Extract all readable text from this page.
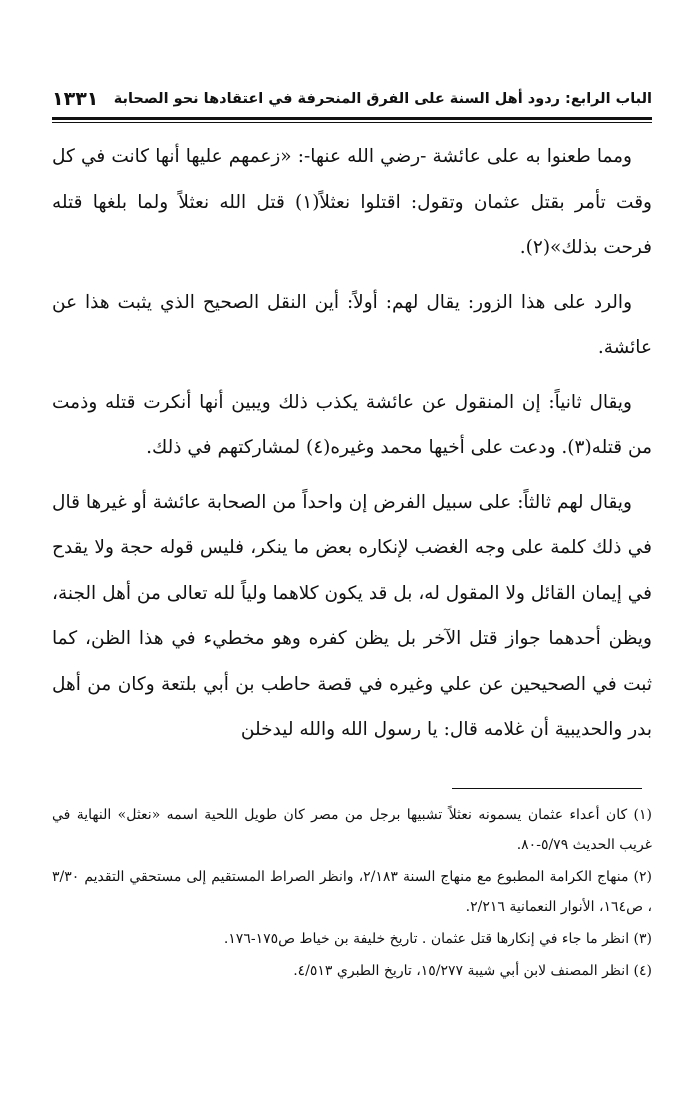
الباب الرابع: ردود أهل السنة على الفرق المنحرفة في اعتقادها نحو الصحابة
١٣٣١

ومما طعنوا به على عائشة -رضي الله عنها-: «زعمهم عليها أنها كانت في كل وقت تأمر بقتل عثمان وتقول: اقتلوا نعثلاً(١) قتل الله نعثلاً ولما بلغها قتله فرحت بذلك»(٢).

والرد على هذا الزور: يقال لهم: أولاً: أين النقل الصحيح الذي يثبت هذا عن عائشة.

ويقال ثانياً: إن المنقول عن عائشة يكذب ذلك ويبين أنها أنكرت قتله وذمت من قتله(٣). ودعت على أخيها محمد وغيره(٤) لمشاركتهم في ذلك.

ويقال لهم ثالثاً: على سبيل الفرض إن واحداً من الصحابة عائشة أو غيرها قال في ذلك كلمة على وجه الغضب لإنكاره بعض ما ينكر، فليس قوله حجة ولا يقدح في إيمان القائل ولا المقول له، بل قد يكون كلاهما ولياً لله تعالى من أهل الجنة، ويظن أحدهما جواز قتل الآخر بل يظن كفره وهو مخطيء في هذا الظن، كما ثبت في الصحيحين عن علي وغيره في قصة حاطب بن أبي بلتعة وكان من أهل بدر والحديبية أن غلامه قال: يا رسول الله والله ليدخلن

(١) كان أعداء عثمان يسمونه نعثلاً تشبيها برجل من مصر كان طويل اللحية اسمه «نعثل» النهاية في غريب الحديث ٥/٧٩-٨٠.

(٢) منهاج الكرامة المطبوع مع منهاج السنة ٢/١٨٣، وانظر الصراط المستقيم إلى مستحقي التقديم ٣/٣٠ ، ص١٦٤، الأنوار النعمانية ٢/٢١٦.

(٣) انظر ما جاء في إنكارها قتل عثمان . تاريخ خليفة بن خياط ص١٧٥-١٧٦.

(٤) انظر المصنف لابن أبي شيبة ١٥/٢٧٧، تاريخ الطبري ٤/٥١٣.
